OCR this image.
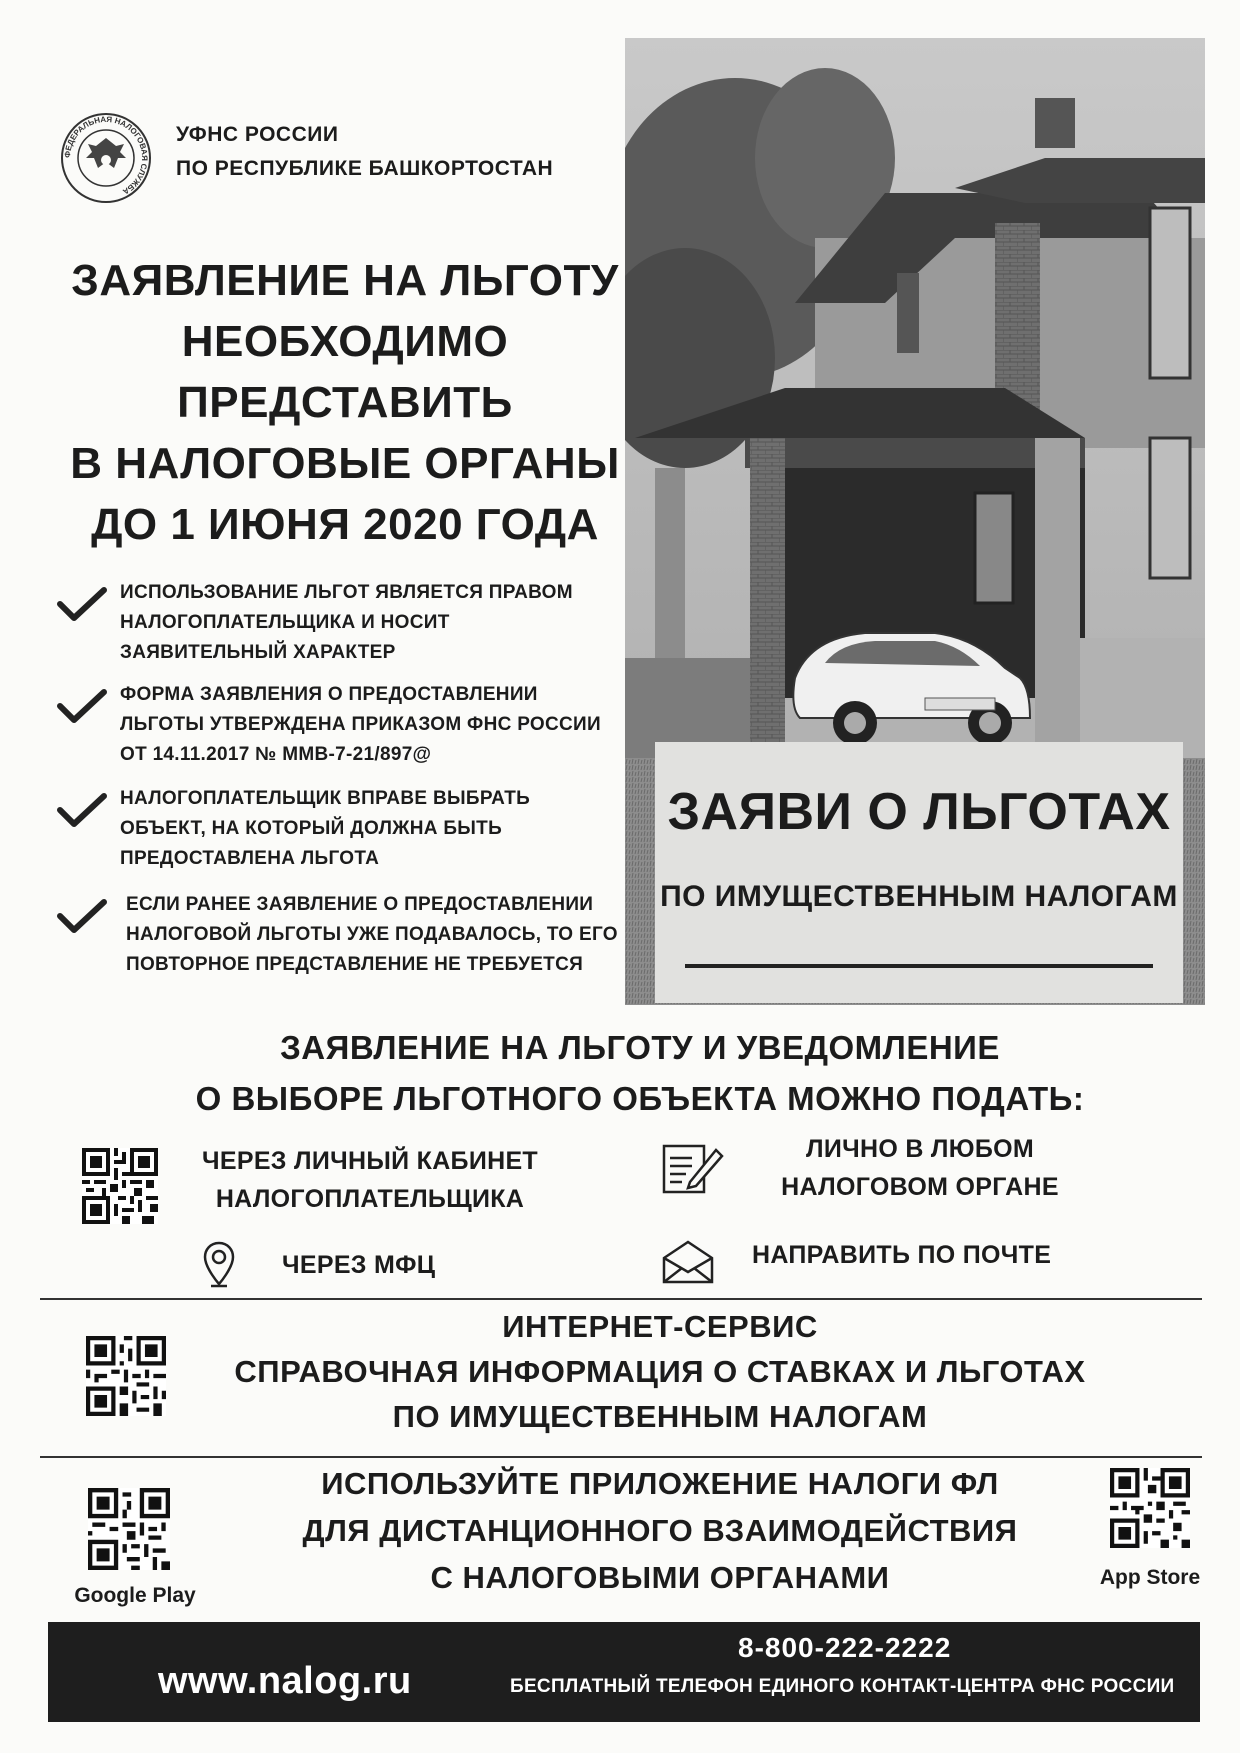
ФЕДЕРАЛЬНАЯ НАЛОГОВАЯ СЛУЖБА
УФНС РОССИИ
ПО РЕСПУБЛИКЕ БАШКОРТОСТАН
ЗАЯВЛЕНИЕ НА ЛЬГОТУ
НЕОБХОДИМО
ПРЕДСТАВИТЬ
В НАЛОГОВЫЕ ОРГАНЫ
ДО 1 ИЮНЯ 2020 ГОДА
ИСПОЛЬЗОВАНИЕ ЛЬГОТ ЯВЛЯЕТСЯ ПРАВОМ
НАЛОГОПЛАТЕЛЬЩИКА И НОСИТ
ЗАЯВИТЕЛЬНЫЙ ХАРАКТЕР
ФОРМА ЗАЯВЛЕНИЯ О ПРЕДОСТАВЛЕНИИ
ЛЬГОТЫ УТВЕРЖДЕНА ПРИКАЗОМ ФНС РОССИИ
ОТ 14.11.2017 № ММВ-7-21/897@
НАЛОГОПЛАТЕЛЬЩИК ВПРАВЕ ВЫБРАТЬ
ОБЪЕКТ, НА КОТОРЫЙ ДОЛЖНА БЫТЬ
ПРЕДОСТАВЛЕНА ЛЬГОТА
ЕСЛИ РАНЕЕ ЗАЯВЛЕНИЕ О ПРЕДОСТАВЛЕНИИ
НАЛОГОВОЙ ЛЬГОТЫ УЖЕ ПОДАВАЛОСЬ, ТО ЕГО
ПОВТОРНОЕ ПРЕДСТАВЛЕНИЕ НЕ ТРЕБУЕТСЯ
ЗАЯВИ О ЛЬГОТАХ
ПО ИМУЩЕСТВЕННЫМ НАЛОГАМ
ЗАЯВЛЕНИЕ НА ЛЬГОТУ И УВЕДОМЛЕНИЕ
О ВЫБОРЕ ЛЬГОТНОГО ОБЪЕКТА МОЖНО ПОДАТЬ:
ЧЕРЕЗ ЛИЧНЫЙ КАБИНЕТ
НАЛОГОПЛАТЕЛЬЩИКА
ЛИЧНО В ЛЮБОМ
НАЛОГОВОМ ОРГАНЕ
ЧЕРЕЗ МФЦ	НАПРАВИТЬ ПО ПОЧТЕ
ИНТЕРНЕТ-СЕРВИС
СПРАВОЧНАЯ ИНФОРМАЦИЯ О СТАВКАХ И ЛЬГОТАХ
ПО ИМУЩЕСТВЕННЫМ НАЛОГАМ
Google Play
ИСПОЛЬЗУЙТЕ ПРИЛОЖЕНИЕ НАЛОГИ ФЛ
ДЛЯ ДИСТАНЦИОННОГО ВЗАИМОДЕЙСТВИЯ
С НАЛОГОВЫМИ ОРГАНАМИ	App Store
8-800-222-2222
www.nalog.ru	БЕСПЛАТНЫЙ ТЕЛЕФОН ЕДИНОГО КОНТАКТ-ЦЕНТРА ФНС РОССИИ
